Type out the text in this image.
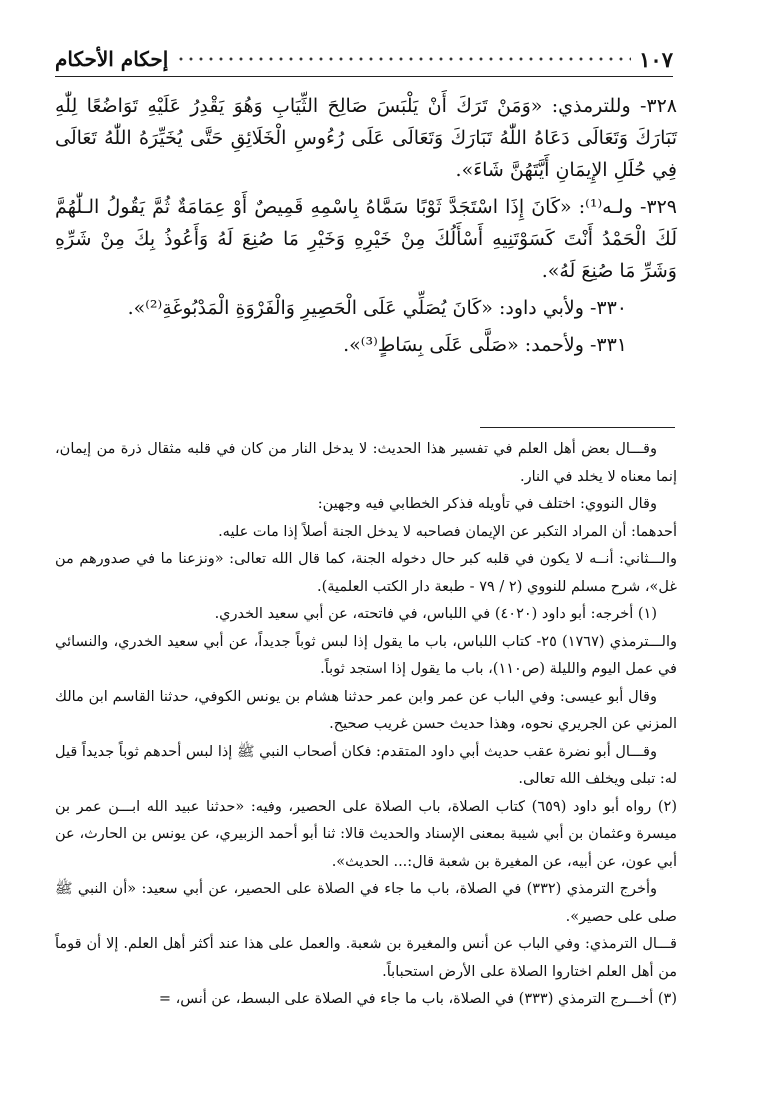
١٠٧
إحكام الأحكام

٣٢٨- وللترمذي: «وَمَنْ تَرَكَ أَنْ يَلْبَسَ صَالِحَ الثِّيَابِ وَهُوَ يَقْدِرُ عَلَيْهِ تَوَاضُعًا لِلّٰهِ تَبَارَكَ وَتَعَالَى دَعَاهُ اللّٰهُ تَبَارَكَ وَتَعَالَى عَلَى رُءُوسِ الْخَلَائِقِ حَتَّى يُخَيِّرَهُ اللّٰهُ تَعَالَى فِي حُلَلِ الإِيمَانِ أَيَّتَهُنَّ شَاءَ».

٣٢٩- ولـه⁽¹⁾: «كَانَ إِذَا اسْتَجَدَّ ثَوْبًا سَمَّاهُ بِاسْمِهِ قَمِيصٌ أَوْ عِمَامَةٌ ثُمَّ يَقُولُ الـلّٰهُمَّ لَكَ الْحَمْدُ أَنْتَ كَسَوْتَنِيهِ أَسْأَلُكَ مِنْ خَيْرِهِ وَخَيْرِ مَا صُنِعَ لَهُ وَأَعُوذُ بِكَ مِنْ شَرِّهِ وَشَرِّ مَا صُنِعَ لَهُ».

٣٣٠- ولأبي داود: «كَانَ يُصَلِّي عَلَى الْحَصِيرِ وَالْفَرْوَةِ الْمَدْبُوغَةِ⁽²⁾».

٣٣١- ولأحمد: «صَلَّى عَلَى بِسَاطٍ⁽³⁾».

وقـــال بعض أهل العلم في تفسير هذا الحديث: لا يدخل النار من كان في قلبه مثقال ذرة من إيمان، إنما معناه لا يخلد في النار.

وقال النووي: اختلف في تأويله فذكر الخطابي فيه وجهين:

أحدهما: أن المراد التكبر عن الإيمان فصاحبه لا يدخل الجنة أصلاً إذا مات عليه.

والـــثاني: أنــه لا يكون في قلبه كبر حال دخوله الجنة، كما قال الله تعالى: «ونزعنا ما في صدورهم من غل»، شرح مسلم للنووي (٢ / ٧٩ - طبعة دار الكتب العلمية).

(١) أخرجه: أبو داود (٤٠٢٠) في اللباس، في فاتحته، عن أبي سعيد الخدري.

والـــترمذي (١٧٦٧) ٢٥- كتاب اللباس، باب ما يقول إذا لبس ثوباً جديداً، عن أبي سعيد الخدري، والنسائي في عمل اليوم والليلة (ص١١٠)، باب ما يقول إذا استجد ثوباً.

وقال أبو عيسى: وفي الباب عن عمر وابن عمر حدثنا هشام بن يونس الكوفي، حدثنا القاسم ابن مالك المزني عن الجريري نحوه، وهذا حديث حسن غريب صحيح.

وقـــال أبو نضرة عقب حديث أبي داود المتقدم: فكان أصحاب النبي ﷺ إذا لبس أحدهم ثوباً جديداً قيل له: تبلى ويخلف الله تعالى.

(٢) رواه أبو داود (٦٥٩) كتاب الصلاة، باب الصلاة على الحصير، وفيه: «حدثنا عبيد الله ابـــن عمر بن ميسرة وعثمان بن أبي شيبة بمعنى الإسناد والحديث قالا: ثنا أبو أحمد الزبيري، عن يونس بن الحارث، عن أبي عون، عن أبيه، عن المغيرة بن شعبة قال:... الحديث».

وأخرج الترمذي (٣٣٢) في الصلاة، باب ما جاء في الصلاة على الحصير، عن أبي سعيد: «أن النبي ﷺ صلى على حصير».

قـــال الترمذي: وفي الباب عن أنس والمغيرة بن شعبة. والعمل على هذا عند أكثر أهل العلم. إلا أن قوماً من أهل العلم اختاروا الصلاة على الأرض استحباباً.

(٣) أخـــرج الترمذي (٣٣٣) في الصلاة، باب ما جاء في الصلاة على البسط، عن أنس، =
